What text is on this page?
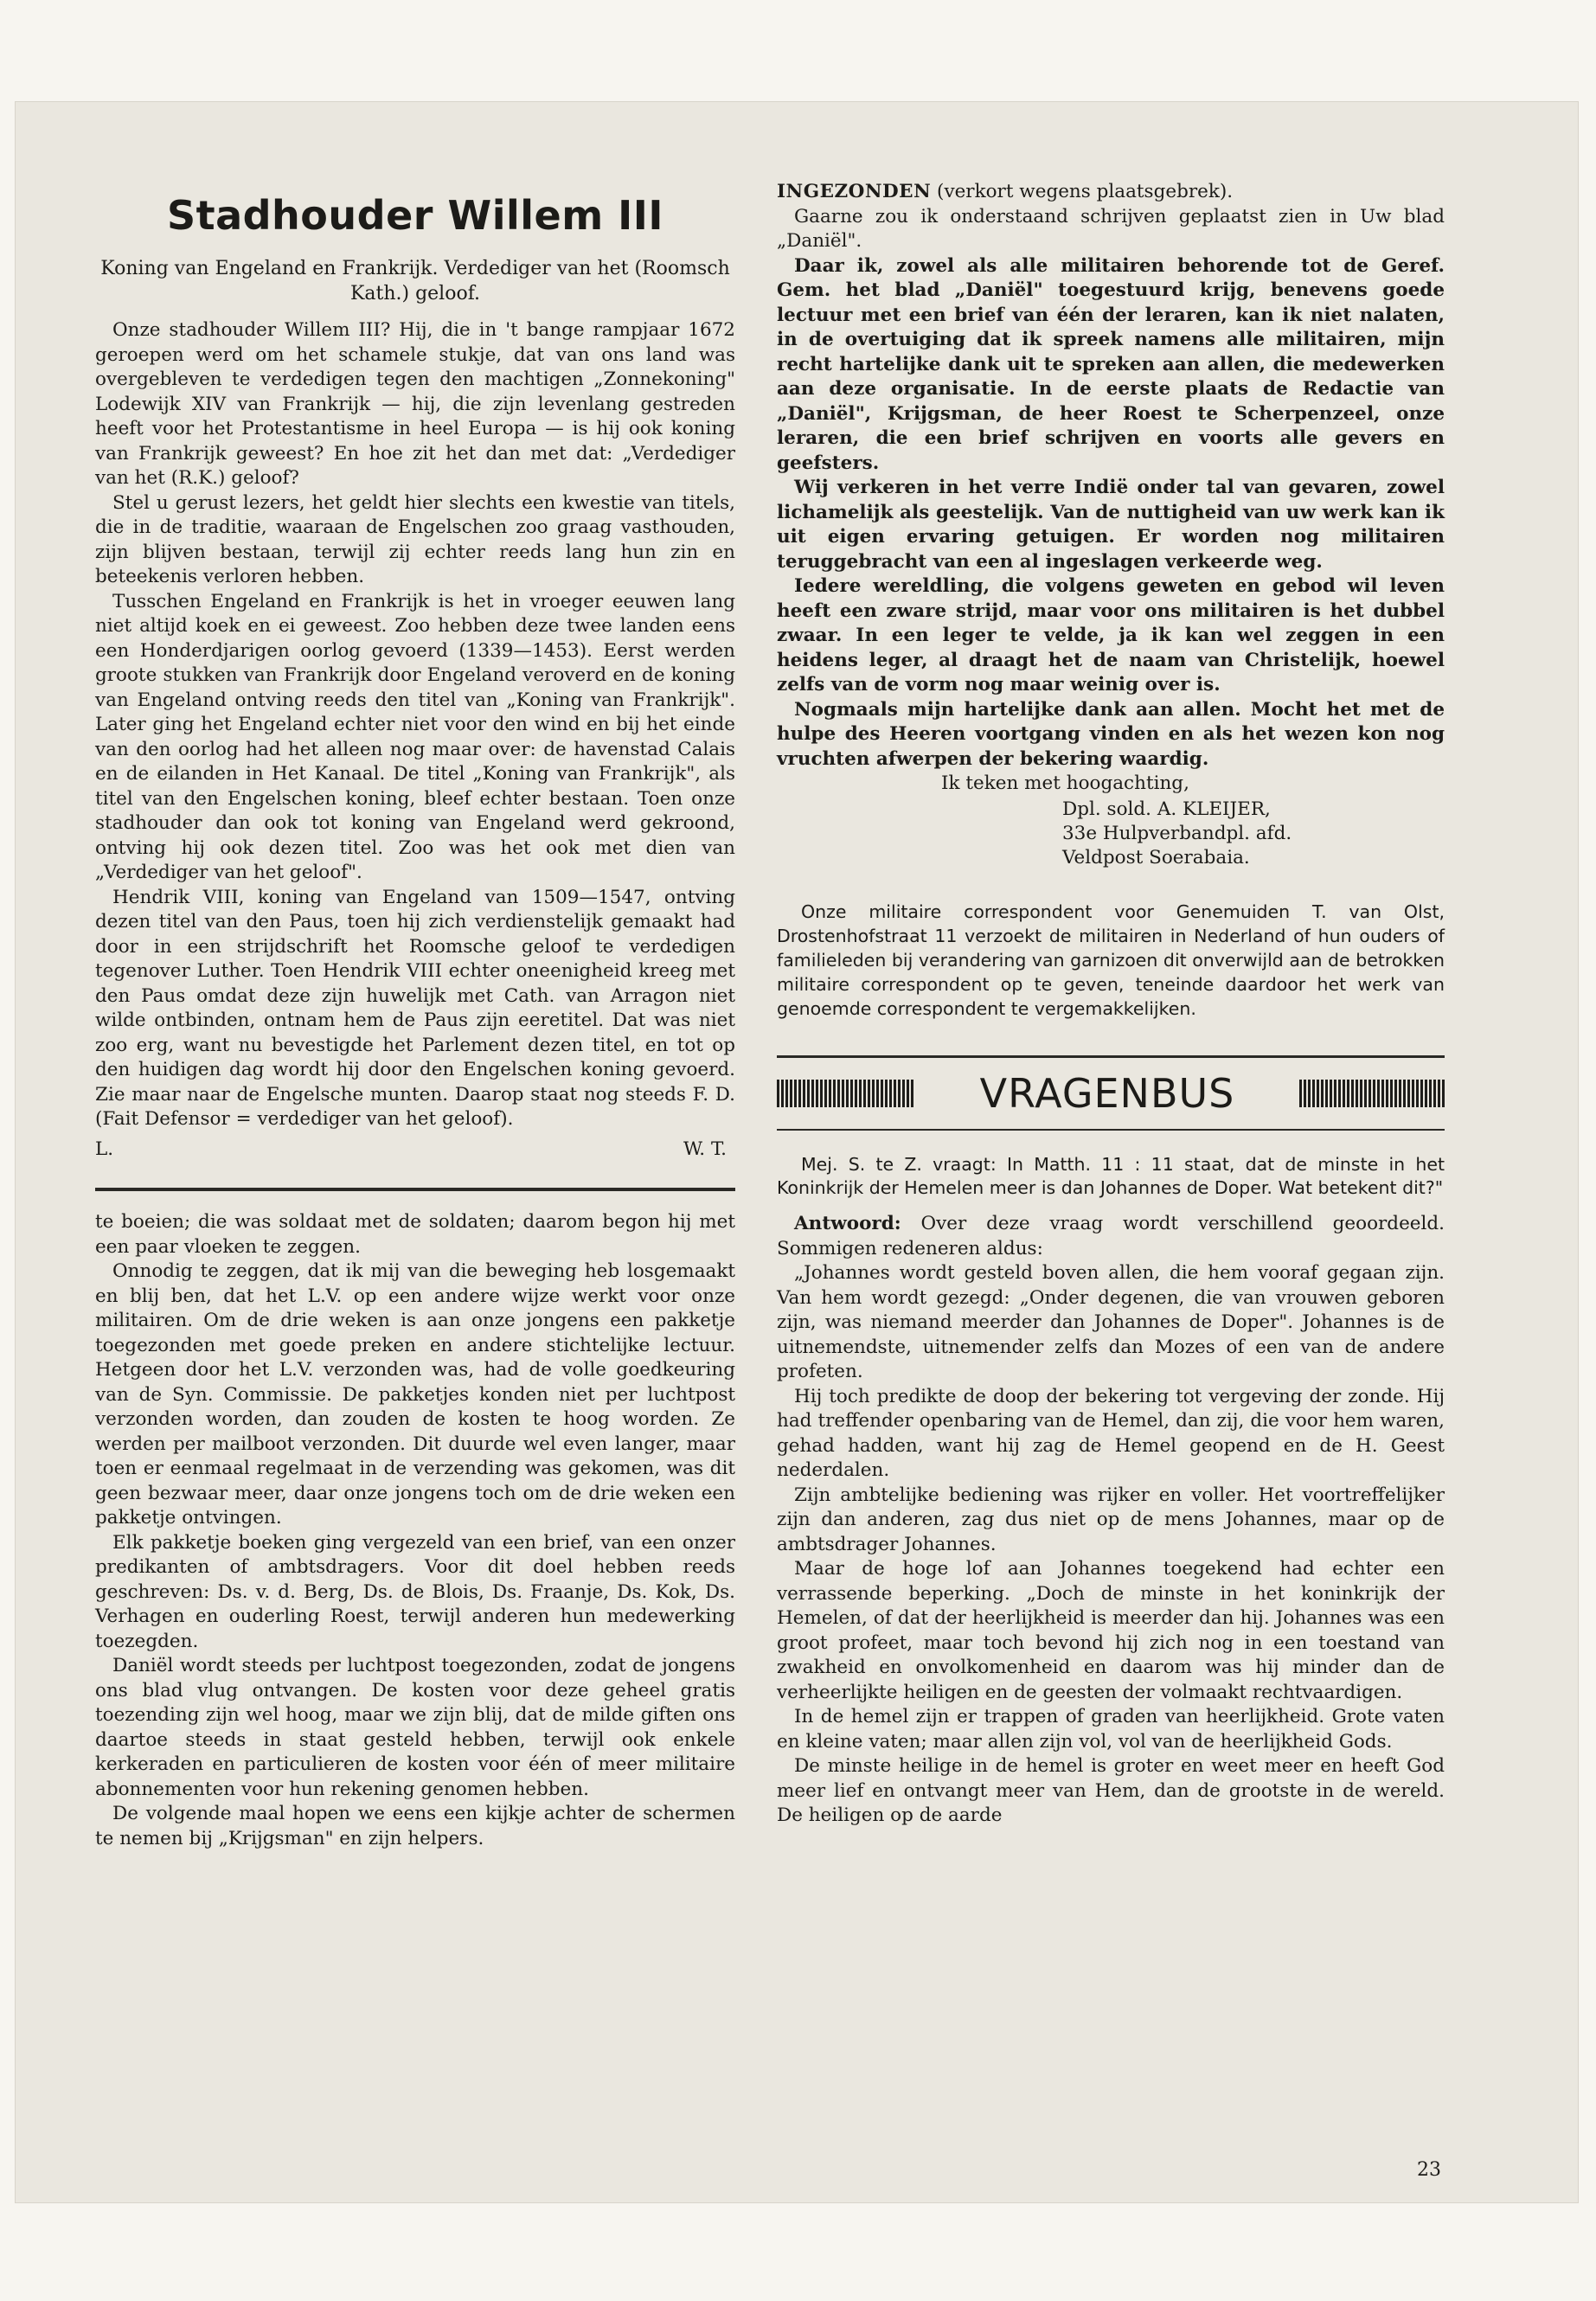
Stadhouder Willem III
Koning van Engeland en Frankrijk. Verdediger van het (Roomsch Kath.) geloof.

Onze stadhouder Willem III? Hij, die in 't bange rampjaar 1672 geroepen werd om het schamele stukje, dat van ons land was overgebleven te verdedigen tegen den machtigen „Zonnekoning" Lodewijk XIV van Frankrijk — hij, die zijn levenlang gestreden heeft voor het Protestantisme in heel Europa — is hij ook koning van Frankrijk geweest? En hoe zit het dan met dat: „Verdediger van het (R.K.) geloof?

Stel u gerust lezers, het geldt hier slechts een kwestie van titels, die in de traditie, waaraan de Engelschen zoo graag vasthouden, zijn blijven bestaan, terwijl zij echter reeds lang hun zin en beteekenis verloren hebben.

Tusschen Engeland en Frankrijk is het in vroeger eeuwen lang niet altijd koek en ei geweest. Zoo hebben deze twee landen eens een Honderdjarigen oorlog gevoerd (1339—1453). Eerst werden groote stukken van Frankrijk door Engeland veroverd en de koning van Engeland ontving reeds den titel van „Koning van Frankrijk". Later ging het Engeland echter niet voor den wind en bij het einde van den oorlog had het alleen nog maar over: de havenstad Calais en de eilanden in Het Kanaal. De titel „Koning van Frankrijk", als titel van den Engelschen koning, bleef echter bestaan. Toen onze stadhouder dan ook tot koning van Engeland werd gekroond, ontving hij ook dezen titel. Zoo was het ook met dien van „Verdediger van het geloof".

Hendrik VIII, koning van Engeland van 1509—1547, ontving dezen titel van den Paus, toen hij zich verdienstelijk gemaakt had door in een strijdschrift het Roomsche geloof te verdedigen tegenover Luther. Toen Hendrik VIII echter oneenigheid kreeg met den Paus omdat deze zijn huwelijk met Cath. van Arragon niet wilde ontbinden, ontnam hem de Paus zijn eeretitel. Dat was niet zoo erg, want nu bevestigde het Parlement dezen titel, en tot op den huidigen dag wordt hij door den Engelschen koning gevoerd. Zie maar naar de Engelsche munten. Daarop staat nog steeds F. D. (Fait Defensor = verdediger van het geloof).

L.	W. T.

te boeien; die was soldaat met de soldaten; daarom begon hij met een paar vloeken te zeggen.

Onnodig te zeggen, dat ik mij van die beweging heb losgemaakt en blij ben, dat het L.V. op een andere wijze werkt voor onze militairen. Om de drie weken is aan onze jongens een pakketje toegezonden met goede preken en andere stichtelijke lectuur. Hetgeen door het L.V. verzonden was, had de volle goedkeuring van de Syn. Commissie. De pakketjes konden niet per luchtpost verzonden worden, dan zouden de kosten te hoog worden. Ze werden per mailboot verzonden. Dit duurde wel even langer, maar toen er eenmaal regelmaat in de verzending was gekomen, was dit geen bezwaar meer, daar onze jongens toch om de drie weken een pakketje ontvingen.

Elk pakketje boeken ging vergezeld van een brief, van een onzer predikanten of ambtsdragers. Voor dit doel hebben reeds geschreven: Ds. v. d. Berg, Ds. de Blois, Ds. Fraanje, Ds. Kok, Ds. Verhagen en ouderling Roest, terwijl anderen hun medewerking toezegden.

Daniël wordt steeds per luchtpost toegezonden, zodat de jongens ons blad vlug ontvangen. De kosten voor deze geheel gratis toezending zijn wel hoog, maar we zijn blij, dat de milde giften ons daartoe steeds in staat gesteld hebben, terwijl ook enkele kerkeraden en particulieren de kosten voor één of meer militaire abonnementen voor hun rekening genomen hebben.

De volgende maal hopen we eens een kijkje achter de schermen te nemen bij „Krijgsman" en zijn helpers.

INGEZONDEN (verkort wegens plaatsgebrek).

Gaarne zou ik onderstaand schrijven geplaatst zien in Uw blad „Daniël".

Daar ik, zowel als alle militairen behorende tot de Geref. Gem. het blad „Daniël" toegestuurd krijg, benevens goede lectuur met een brief van één der leraren, kan ik niet nalaten, in de overtuiging dat ik spreek namens alle militairen, mijn recht hartelijke dank uit te spreken aan allen, die medewerken aan deze organisatie. In de eerste plaats de Redactie van „Daniël", Krijgsman, de heer Roest te Scherpenzeel, onze leraren, die een brief schrijven en voorts alle gevers en geefsters.

Wij verkeren in het verre Indië onder tal van gevaren, zowel lichamelijk als geestelijk. Van de nuttigheid van uw werk kan ik uit eigen ervaring getuigen. Er worden nog militairen teruggebracht van een al ingeslagen verkeerde weg.

Iedere wereldling, die volgens geweten en gebod wil leven heeft een zware strijd, maar voor ons militairen is het dubbel zwaar. In een leger te velde, ja ik kan wel zeggen in een heidens leger, al draagt het de naam van Christelijk, hoewel zelfs van de vorm nog maar weinig over is.

Nogmaals mijn hartelijke dank aan allen. Mocht het met de hulpe des Heeren voortgang vinden en als het wezen kon nog vruchten afwerpen der bekering waardig.

Ik teken met hoogachting,
Dpl. sold. A. KLEIJER,
33e Hulpverbandpl. afd.
Veldpost Soerabaia.
Onze militaire correspondent voor Genemuiden T. van Olst, Drostenhofstraat 11 verzoekt de militairen in Nederland of hun ouders of familieleden bij verandering van garnizoen dit onverwijld aan de betrokken militaire correspondent op te geven, teneinde daardoor het werk van genoemde correspondent te vergemakkelijken.
VRAGENBUS

Mej. S. te Z. vraagt: In Matth. 11 : 11 staat, dat de minste in het Koninkrijk der Hemelen meer is dan Johannes de Doper. Wat betekent dit?"

Antwoord: Over deze vraag wordt verschillend geoordeeld. Sommigen redeneren aldus:

„Johannes wordt gesteld boven allen, die hem vooraf gegaan zijn. Van hem wordt gezegd: „Onder degenen, die van vrouwen geboren zijn, was niemand meerder dan Johannes de Doper". Johannes is de uitnemendste, uitnemender zelfs dan Mozes of een van de andere profeten.

Hij toch predikte de doop der bekering tot vergeving der zonde. Hij had treffender openbaring van de Hemel, dan zij, die voor hem waren, gehad hadden, want hij zag de Hemel geopend en de H. Geest nederdalen.

Zijn ambtelijke bediening was rijker en voller. Het voortreffelijker zijn dan anderen, zag dus niet op de mens Johannes, maar op de ambtsdrager Johannes.

Maar de hoge lof aan Johannes toegekend had echter een verrassende beperking. „Doch de minste in het koninkrijk der Hemelen, of dat der heerlijkheid is meerder dan hij. Johannes was een groot profeet, maar toch bevond hij zich nog in een toestand van zwakheid en onvolkomenheid en daarom was hij minder dan de verheerlijkte heiligen en de geesten der volmaakt rechtvaardigen.

In de hemel zijn er trappen of graden van heerlijkheid. Grote vaten en kleine vaten; maar allen zijn vol, vol van de heerlijkheid Gods.

De minste heilige in de hemel is groter en weet meer en heeft God meer lief en ontvangt meer van Hem, dan de grootste in de wereld. De heiligen op de aarde

23
